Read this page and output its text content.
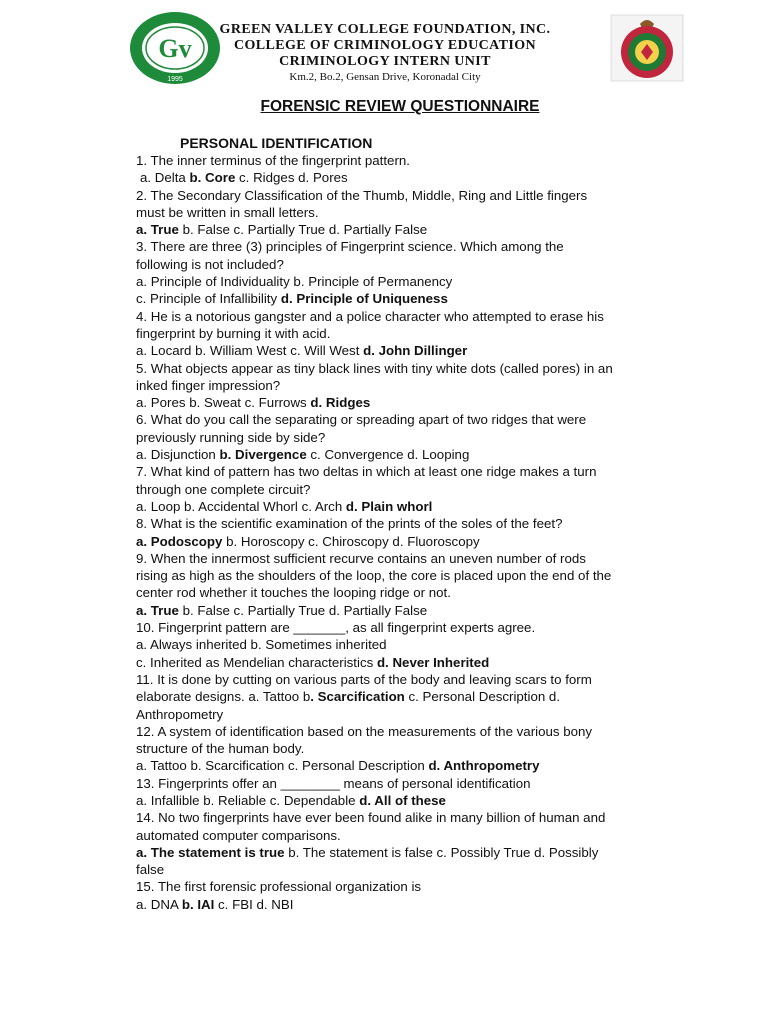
Gv
1995
GREEN VALLEY COLLEGE FOUNDATION, INC.
COLLEGE OF CRIMINOLOGY EDUCATION
CRIMINOLOGY INTERN UNIT
Km.2, Bo.2, Gensan Drive, Koronadal City
FORENSIC REVIEW QUESTIONNAIRE
PERSONAL IDENTIFICATION
1. The inner terminus of the fingerprint pattern.
a. Delta b. Core c. Ridges d. Pores
2. The Secondary Classification of the Thumb, Middle, Ring and Little fingers
must be written in small letters.
a. True b. False c. Partially True d. Partially False
3. There are three (3) principles of Fingerprint science. Which among the
following is not included?
a. Principle of Individuality b. Principle of Permanency
c. Principle of Infallibility d. Principle of Uniqueness
4. He is a notorious gangster and a police character who attempted to erase his
fingerprint by burning it with acid.
a. Locard b. William West c. Will West d. John Dillinger
5. What objects appear as tiny black lines with tiny white dots (called pores) in an
inked finger impression?
a. Pores b. Sweat c. Furrows d. Ridges
6. What do you call the separating or spreading apart of two ridges that were
previously running side by side?
a. Disjunction b. Divergence c. Convergence d. Looping
7. What kind of pattern has two deltas in which at least one ridge makes a turn
through one complete circuit?
a. Loop b. Accidental Whorl c. Arch d. Plain whorl
8. What is the scientific examination of the prints of the soles of the feet?
a. Podoscopy b. Horoscopy c. Chiroscopy d. Fluoroscopy
9. When the innermost sufficient recurve contains an uneven number of rods
rising as high as the shoulders of the loop, the core is placed upon the end of the
center rod whether it touches the looping ridge or not.
a. True b. False c. Partially True d. Partially False
10. Fingerprint pattern are _______, as all fingerprint experts agree.
a. Always inherited b. Sometimes inherited
c. Inherited as Mendelian characteristics d. Never Inherited
11. It is done by cutting on various parts of the body and leaving scars to form
elaborate designs. a. Tattoo b. Scarcification c. Personal Description d.
Anthropometry
12. A system of identification based on the measurements of the various bony
structure of the human body.
a. Tattoo b. Scarcification c. Personal Description d. Anthropometry
13. Fingerprints offer an ________ means of personal identification
a. Infallible b. Reliable c. Dependable d. All of these
14. No two fingerprints have ever been found alike in many billion of human and
automated computer comparisons.
a. The statement is true b. The statement is false c. Possibly True d. Possibly
false
15. The first forensic professional organization is
a. DNA b. IAI c. FBI d. NBI
